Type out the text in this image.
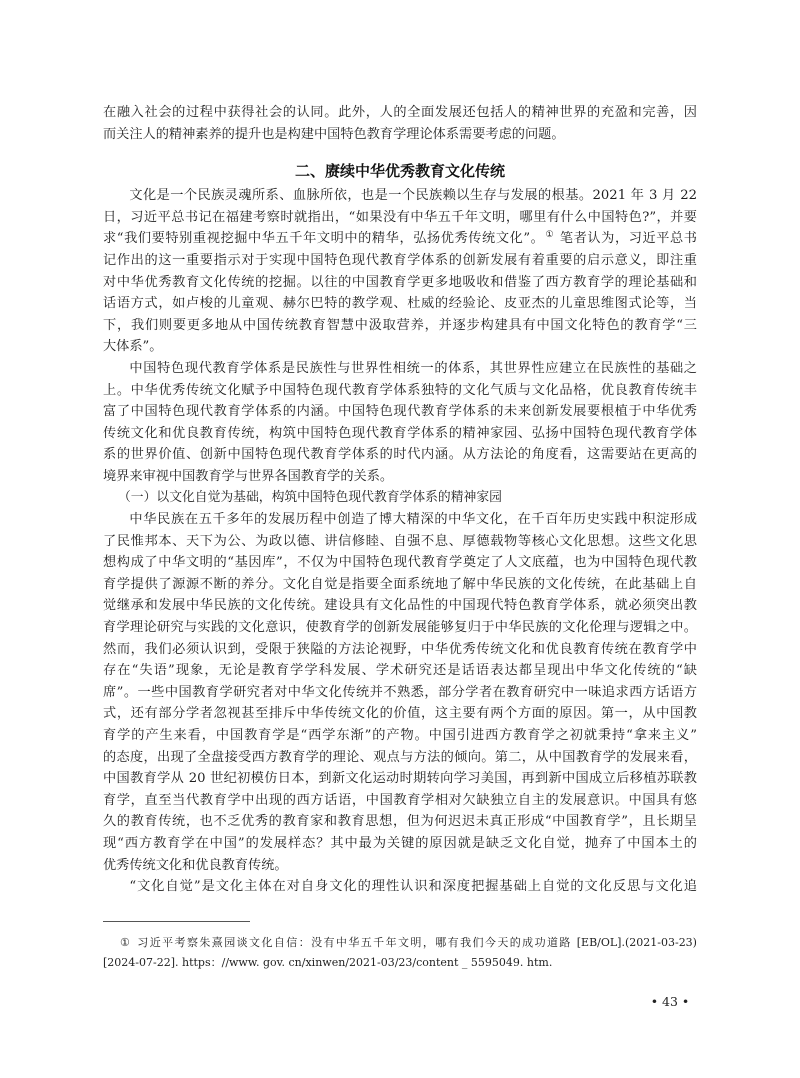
在融入社会的过程中获得社会的认同。此外，人的全面发展还包括人的精神世界的充盈和完善，因
而关注人的精神素养的提升也是构建中国特色教育学理论体系需要考虑的问题。
二、赓续中华优秀教育文化传统
文化是一个民族灵魂所系、血脉所依，也是一个民族赖以生存与发展的根基。2021 年 3 月 22
日，习近平总书记在福建考察时就指出，“如果没有中华五千年文明，哪里有什么中国特色?”，并要
求“我们要特别重视挖掘中华五千年文明中的精华，弘扬优秀传统文化”。① 笔者认为，习近平总书
记作出的这一重要指示对于实现中国特色现代教育学体系的创新发展有着重要的启示意义，即注重
对中华优秀教育文化传统的挖掘。以往的中国教育学更多地吸收和借鉴了西方教育学的理论基础和
话语方式，如卢梭的儿童观、赫尔巴特的教学观、杜威的经验论、皮亚杰的儿童思维图式论等，当
下，我们则要更多地从中国传统教育智慧中汲取营养，并逐步构建具有中国文化特色的教育学“三
大体系”。
中国特色现代教育学体系是民族性与世界性相统一的体系，其世界性应建立在民族性的基础之
上。中华优秀传统文化赋予中国特色现代教育学体系独特的文化气质与文化品格，优良教育传统丰
富了中国特色现代教育学体系的内涵。中国特色现代教育学体系的未来创新发展要根植于中华优秀
传统文化和优良教育传统，构筑中国特色现代教育学体系的精神家园、弘扬中国特色现代教育学体
系的世界价值、创新中国特色现代教育学体系的时代内涵。从方法论的角度看，这需要站在更高的
境界来审视中国教育学与世界各国教育学的关系。
（一）以文化自觉为基础，构筑中国特色现代教育学体系的精神家园
中华民族在五千多年的发展历程中创造了博大精深的中华文化，在千百年历史实践中积淀形成
了民惟邦本、天下为公、为政以德、讲信修睦、自强不息、厚德载物等核心文化思想。这些文化思
想构成了中华文明的“基因库”，不仅为中国特色现代教育学奠定了人文底蕴，也为中国特色现代教
育学提供了源源不断的养分。文化自觉是指要全面系统地了解中华民族的文化传统，在此基础上自
觉继承和发展中华民族的文化传统。建设具有文化品性的中国现代特色教育学体系，就必须突出教
育学理论研究与实践的文化意识，使教育学的创新发展能够复归于中华民族的文化伦理与逻辑之中。
然而，我们必须认识到，受限于狭隘的方法论视野，中华优秀传统文化和优良教育传统在教育学中
存在“失语”现象，无论是教育学学科发展、学术研究还是话语表达都呈现出中华文化传统的“缺
席”。一些中国教育学研究者对中华文化传统并不熟悉，部分学者在教育研究中一味追求西方话语方
式，还有部分学者忽视甚至排斥中华传统文化的价值，这主要有两个方面的原因。第一，从中国教
育学的产生来看，中国教育学是“西学东渐”的产物。中国引进西方教育学之初就秉持“拿来主义”
的态度，出现了全盘接受西方教育学的理论、观点与方法的倾向。第二，从中国教育学的发展来看，
中国教育学从 20 世纪初模仿日本，到新文化运动时期转向学习美国，再到新中国成立后移植苏联教
育学，直至当代教育学中出现的西方话语，中国教育学相对欠缺独立自主的发展意识。中国具有悠
久的教育传统，也不乏优秀的教育家和教育思想，但为何迟迟未真正形成“中国教育学”，且长期呈
现“西方教育学在中国”的发展样态？其中最为关键的原因就是缺乏文化自觉，抛弃了中国本土的
优秀传统文化和优良教育传统。
“文化自觉”是文化主体在对自身文化的理性认识和深度把握基础上自觉的文化反思与文化追
① 习近平考察朱熹园谈文化自信：没有中华五千年文明，哪有我们今天的成功道路 [EB/OL].(2021-03-23)
[2024-07-22]. https：//www. gov. cn/xinwen/2021-03/23/content _ 5595049. htm.
• 43 •
